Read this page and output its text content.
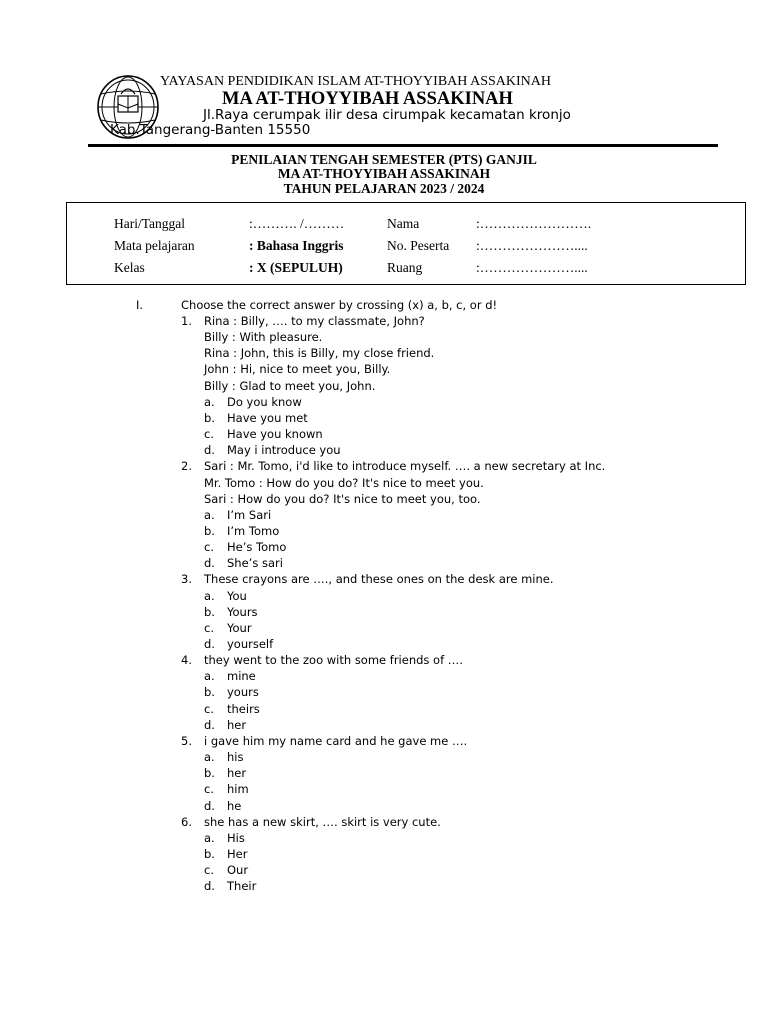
YAYASAN PENDIDIKAN ISLAM AT-THOYYIBAH ASSAKINAH
MA AT-THOYYIBAH ASSAKINAH
Jl.Raya cerumpak ilir desa cirumpak kecamatan kronjo
Kab.Tangerang-Banten 15550
PENILAIAN TENGAH SEMESTER (PTS) GANJIL
MA AT-THOYYIBAH ASSAKINAH
TAHUN PELAJARAN 2023 / 2024
Hari/Tanggal	:………. /………	Nama	:…………………….
Mata pelajaran	: Bahasa Inggris	No. Peserta :…………………....
Kelas	: X (SEPULUH)	Ruang	:…………………....
I.	Choose the correct answer by crossing (x) a, b, c, or d!
1. Rina : Billy, …. to my classmate, John?
Billy : With pleasure.
Rina : John, this is Billy, my close friend.
John : Hi, nice to meet you, Billy.
Billy : Glad to meet you, John.
a. Do you know
b. Have you met
c. Have you known
d. May i introduce you
2. Sari : Mr. Tomo, i'd like to introduce myself. …. a new secretary at Inc.
Mr. Tomo : How do you do? It's nice to meet you.
Sari : How do you do? It's nice to meet you, too.
a. I’m Sari
b. I’m Tomo
c. He’s Tomo
d. She’s sari
3. These crayons are …., and these ones on the desk are mine.
a. You
b. Yours
c. Your
d. yourself
4. they went to the zoo with some friends of ….
a. mine
b. yours
c. theirs
d. her
5. i gave him my name card and he gave me ….
a. his
b. her
c. him
d. he
6. she has a new skirt, …. skirt is very cute.
a. His
b. Her
c. Our
d. Their
